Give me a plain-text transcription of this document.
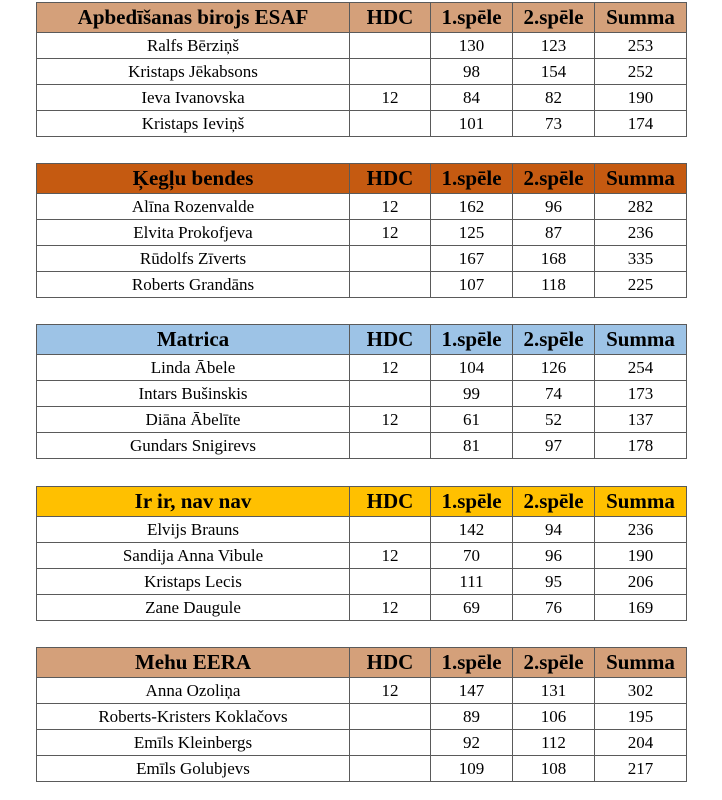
Apbedīšanas birojs ESAF	HDC	1.spēle	2.spēle	Summa
Ralfs Bērziņš		130	123	253
Kristaps Jēkabsons		98	154	252
Ieva Ivanovska	12	84	82	190
Kristaps Ieviņš		101	73	174
Ķegļu bendes	HDC	1.spēle	2.spēle	Summa
Alīna Rozenvalde	12	162	96	282
Elvita Prokofjeva	12	125	87	236
Rūdolfs Zīverts		167	168	335
Roberts Grandāns		107	118	225
Matrica	HDC	1.spēle	2.spēle	Summa
Linda Ābele	12	104	126	254
Intars Bušinskis		99	74	173
Diāna Ābelīte	12	61	52	137
Gundars Snigirevs		81	97	178
Ir ir, nav nav	HDC	1.spēle	2.spēle	Summa
Elvijs Brauns		142	94	236
Sandija Anna Vibule	12	70	96	190
Kristaps Lecis		111	95	206
Zane Daugule	12	69	76	169
Mehu EERA	HDC	1.spēle	2.spēle	Summa
Anna Ozoliņa	12	147	131	302
Roberts-Kristers Koklačovs		89	106	195
Emīls Kleinbergs		92	112	204
Emīls Golubjevs		109	108	217
